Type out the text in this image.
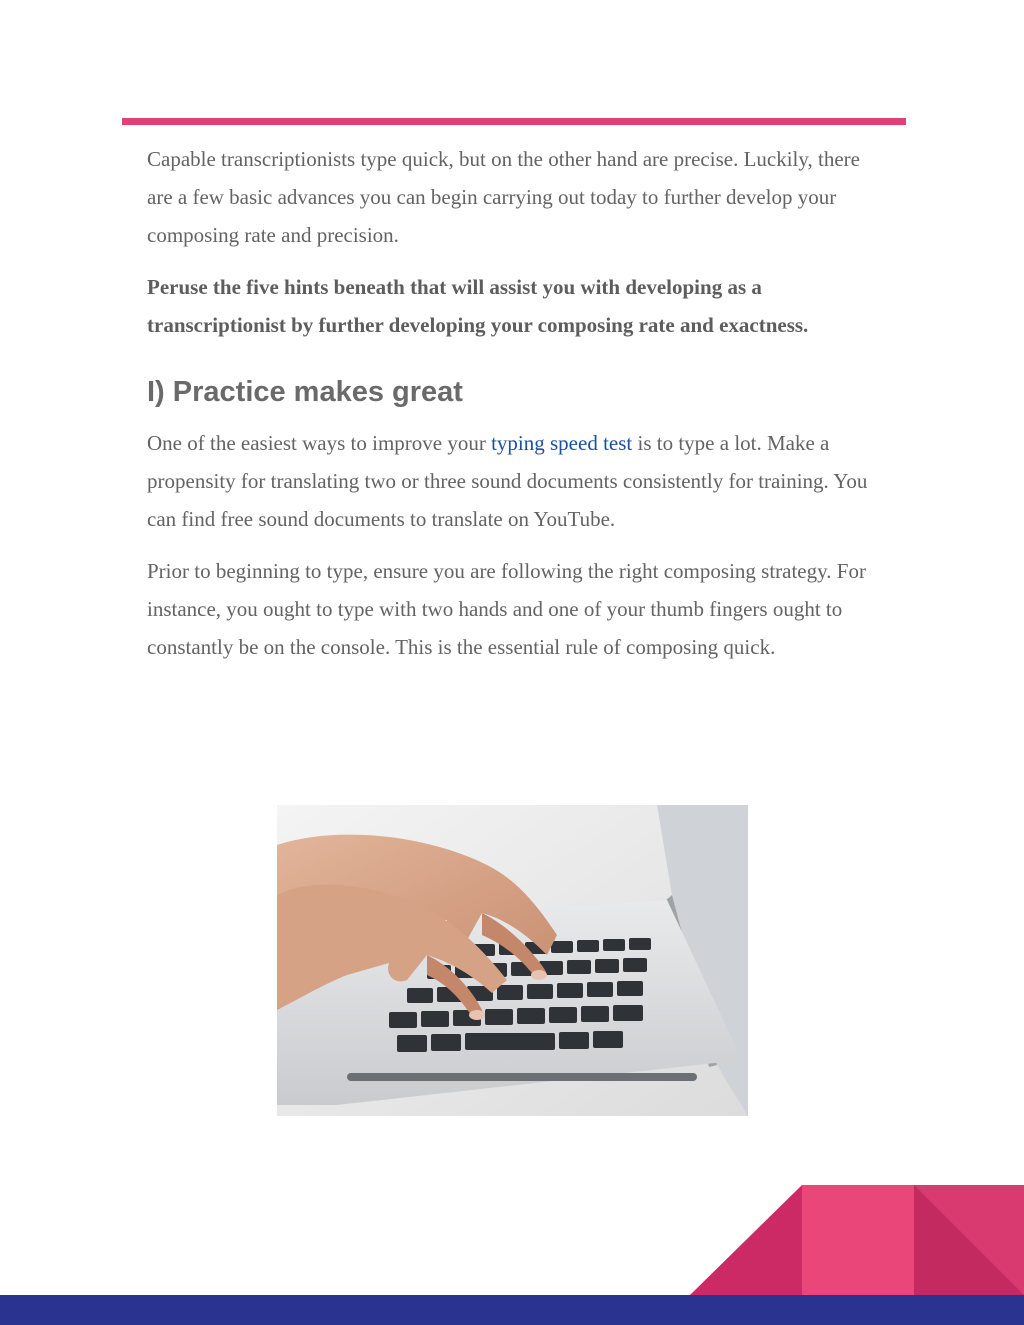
Capable transcriptionists type quick, but on the other hand are precise. Luckily, there are a few basic advances you can begin carrying out today to further develop your composing rate and precision.

Peruse the five hints beneath that will assist you with developing as a transcriptionist by further developing your composing rate and exactness.

I) Practice makes great

One of the easiest ways to improve your typing speed test is to type a lot. Make a propensity for translating two or three sound documents consistently for training. You can find free sound documents to translate on YouTube.

Prior to beginning to type, ensure you are following the right composing strategy. For instance, you ought to type with two hands and one of your thumb fingers ought to constantly be on the console. This is the essential rule of composing quick.
